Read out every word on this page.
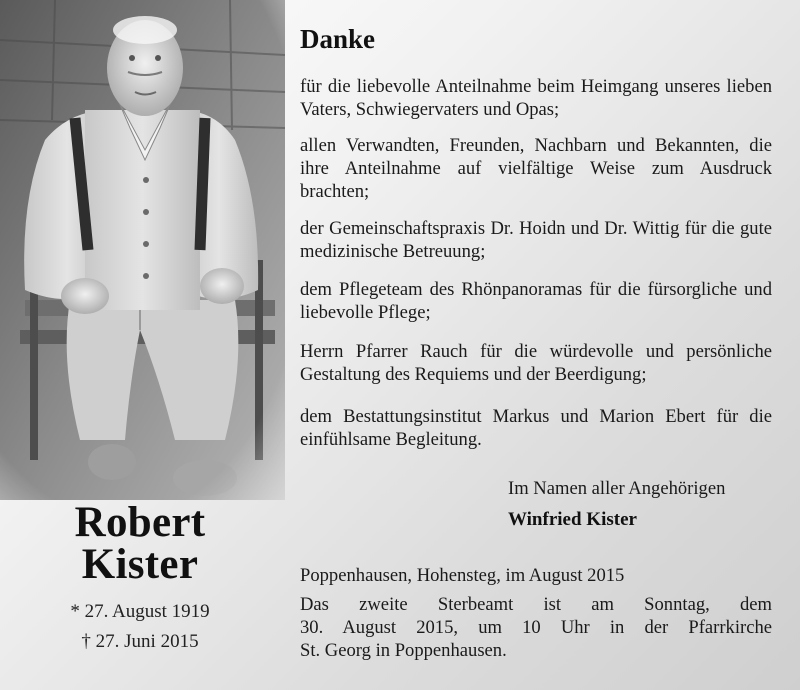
Robert
Kister
* 27. August 1919
† 27. Juni 2015
Danke

für die liebevolle Anteilnahme beim Heimgang unseres lieben Vaters, Schwiegervaters und Opas;

allen Verwandten, Freunden, Nachbarn und Bekannten, die ihre Anteilnahme auf vielfältige Weise zum Ausdruck brachten;

der Gemeinschaftspraxis Dr. Hoidn und Dr. Wittig für die gute medizinische Betreuung;

dem Pflegeteam des Rhönpanoramas für die fürsorgliche und liebevolle Pflege;

Herrn Pfarrer Rauch für die würdevolle und persönliche Gestaltung des Requiems und der Beerdigung;

dem Bestattungsinstitut Markus und Marion Ebert für die einfühlsame Begleitung.

Im Namen aller Angehörigen
Winfried Kister
Poppenhausen, Hohensteg, im August 2015
Das zweite Sterbeamt ist am Sonntag, dem
30. August 2015, um 10 Uhr in der Pfarrkirche
St. Georg in Poppenhausen.
